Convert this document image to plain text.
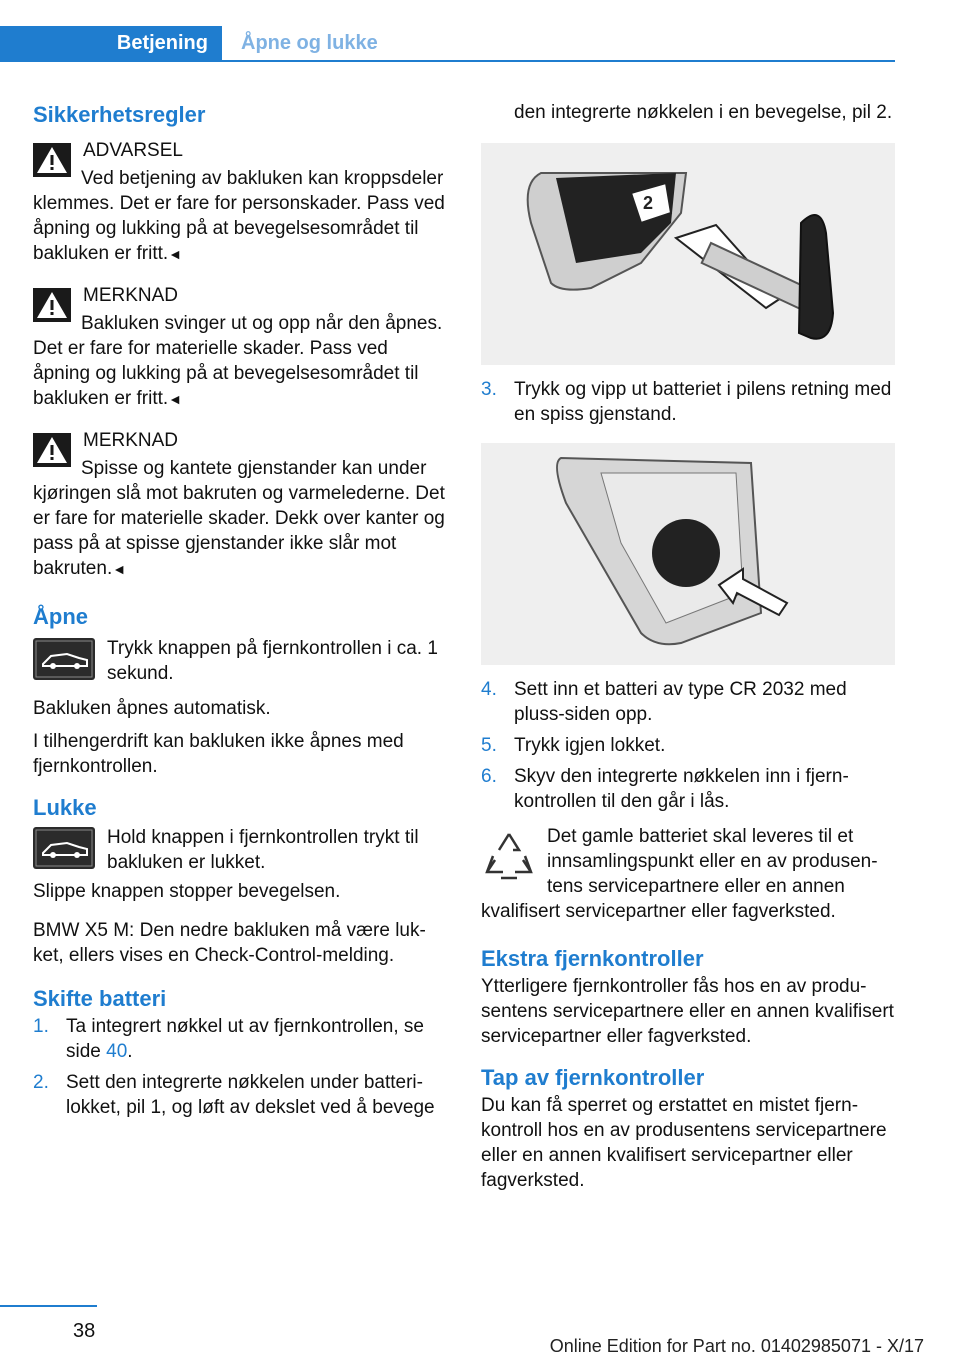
Betjening	Åpne og lukke
Sikkerhetsregler
ADVARSEL
Ved betjening av bakluken kan kroppsdeler klemmes. Det er fare for personskader. Pass ved åpning og lukking på at bevegelsesområdet til bakluken er fritt.◄
MERKNAD
Bakluken svinger ut og opp når den åpnes. Det er fare for materielle skader. Pass ved åpning og lukking på at bevegelsesområdet til bakluken er fritt.◄
MERKNAD
Spisse og kantete gjenstander kan under kjøringen slå mot bakruten og varmelederne. Det er fare for materielle skader. Dekk over kanter og pass på at spisse gjenstander ikke slår mot bakruten.◄
Åpne
Trykk knappen på fjernkontrollen i ca. 1 sekund.

Bakluken åpnes automatisk.

I tilhengerdrift kan bakluken ikke åpnes med fjernkontrollen.

Lukke
Hold knappen i fjernkontrollen trykt til bakluken er lukket.

Slippe knappen stopper bevegelsen.

BMW X5 M: Den nedre bakluken må være lukket, ellers vises en Check-Control-melding.

Skifte batteri
1. Ta integrert nøkkel ut av fjernkontrollen, se side 40.
2. Sett den integrerte nøkkelen under batterilokket, pil 1, og løft av dekslet ved å bevege

den integrerte nøkkelen i en bevegelse, pil 2.

2
3. Trykk og vipp ut batteriet i pilens retning med en spiss gjenstand.
4. Sett inn et batteri av type CR 2032 med pluss-siden opp.
5. Trykk igjen lokket.
6. Skyv den integrerte nøkkelen inn i fjernkontrollen til den går i lås.
Det gamle batteriet skal leveres til et innsamlingspunkt eller en av produsentens servicepartnere eller en annen kvalifisert servicepartner eller fagverksted.
Ekstra fjernkontroller

Ytterligere fjernkontroller fås hos en av produsentens servicepartnere eller en annen kvalifisert servicepartner eller fagverksted.

Tap av fjernkontroller

Du kan få sperret og erstattet en mistet fjernkontroll hos en av produsentens servicepartnere eller en annen kvalifisert servicepartner eller fagverksted.

38
Online Edition for Part no. 01402985071 - X/17
